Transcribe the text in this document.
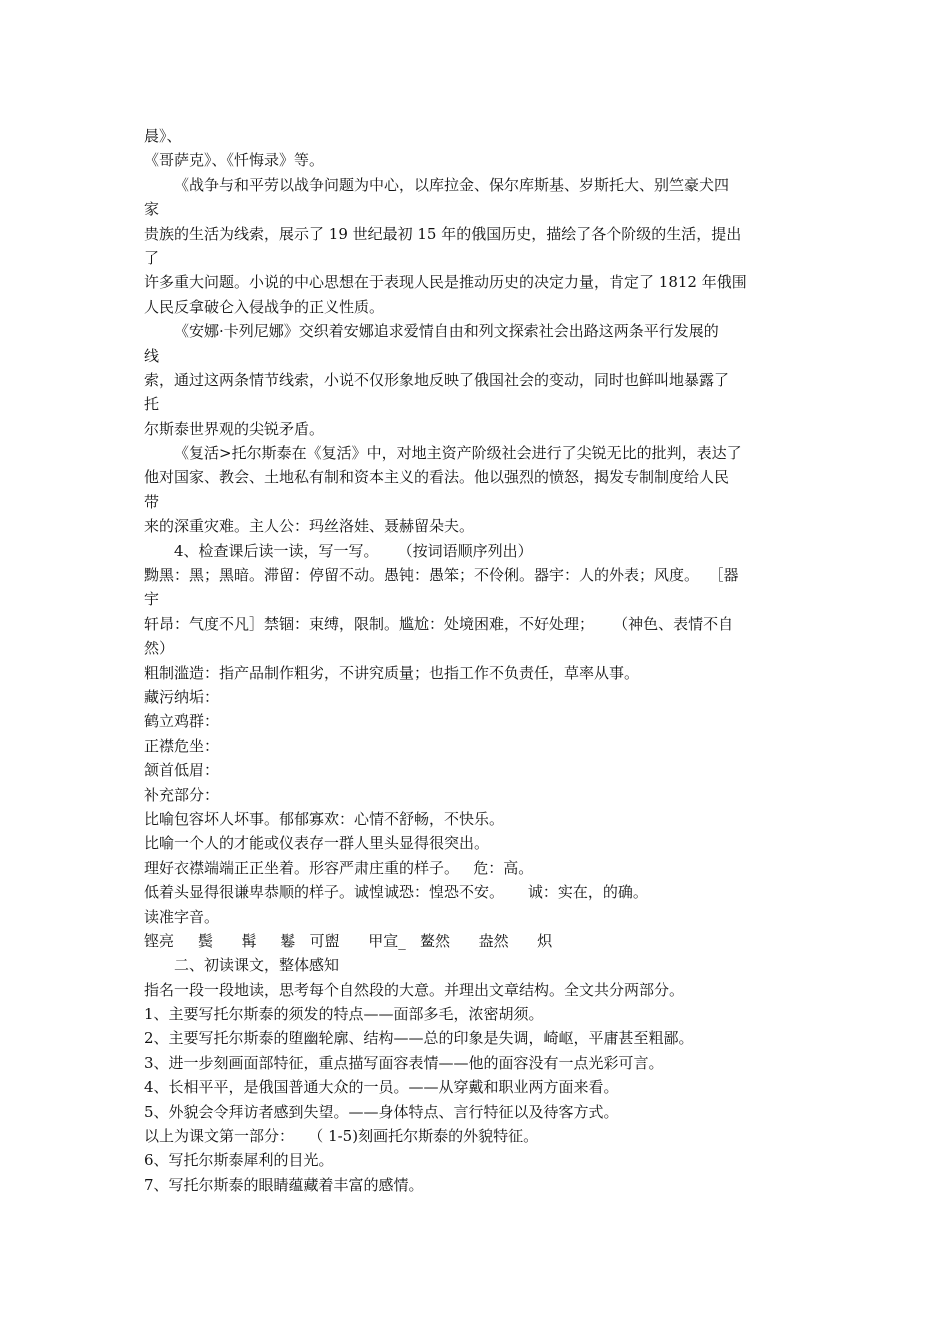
晨》、
《哥萨克》、《忏悔录》等。
《战争与和平劳以战争问题为中心，以库拉金、保尔库斯基、岁斯托大、别竺豪犬四
家
贵族的生活为线索，展示了 19 世纪最初 15 年的俄国历史，描绘了各个阶级的生活，提出
了
许多重大问题。小说的中心思想在于表现人民是推动历史的决定力量，肯定了 1812 年俄围
人民反拿破仑入侵战争的正义性质。
《安娜·卡列尼娜》交织着安娜追求爱情自由和列文探索社会出路这两条平行发展的
线
索，通过这两条情节线索，小说不仅形象地反映了俄国社会的变动，同时也鲜叫地暴露了
托
尔斯泰世界观的尖锐矛盾。
《复活>托尔斯泰在《复活》中，对地主资产阶级社会进行了尖锐无比的批判，表达了
他对国家、教会、土地私有制和资本主义的看法。他以强烈的愤怒，揭发专制制度给人民
带
来的深重灾难。主人公：玛丝洛娃、聂赫留朵夫。
4、检查课后读一读，写一写。    （按词语顺序列出）
黝黑：黑；黑暗。滞留：停留不动。愚钝：愚笨；不伶俐。器宇：人的外表；风度。  ［器
宇
轩昂：气度不凡］禁锢：束缚，限制。尴尬：处境困难，不好处理；    （神色、表情不自
然）
粗制滥造：指产品制作粗劣，不讲究质量；也指工作不负责任，草率从事。
藏污纳垢：
鹤立鸡群：
正襟危坐：
颔首低眉：
补充部分：
比喻包容坏人坏事。郁郁寡欢：心情不舒畅，不快乐。
比喻一个人的才能或仪表存一群人里头显得很突出。
理好衣襟端端正正坐着。形容严肃庄重的样子。   危：高。
低着头显得很谦卑恭顺的样子。诚惶诚恐：惶恐不安。     诚：实在，的确。
读准字音。
铿亮     鬓      髯     鬈   可盥      甲宣_   鳌然      盎然      炽
二、初读课文，整体感知
指名一段一段地读，思考每个自然段的大意。并理出文章结构。全文共分两部分。
1、主要写托尔斯泰的须发的特点——面部多毛，浓密胡须。
2、主要写托尔斯泰的堕幽轮廓、结构——总的印象是失调，崎岖，平庸甚至粗鄙。
3、进一步刻画面部特征，重点描写面容表情——他的面容没有一点光彩可言。
4、长相平平，是俄国普通大众的一员。——从穿戴和职业两方面来看。
5、外貌会令拜访者感到失望。——身体特点、言行特征以及待客方式。
以上为课文第一部分：   （ 1-5)刻画托尔斯泰的外貌特征。
6、写托尔斯泰犀利的目光。
7、写托尔斯泰的眼睛蕴藏着丰富的感情。
